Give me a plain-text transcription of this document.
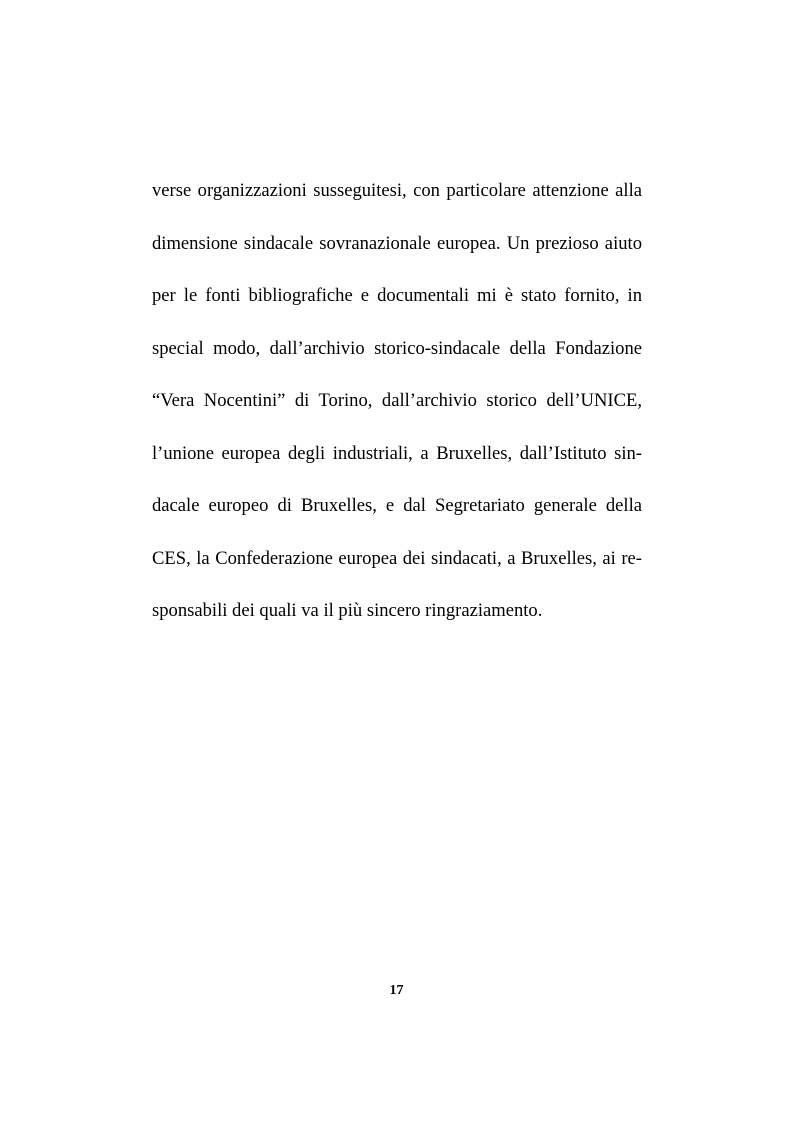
verse organizzazioni susseguitesi, con particolare attenzione alla
dimensione sindacale sovranazionale europea. Un prezioso aiuto
per le fonti bibliografiche e documentali mi è stato fornito, in
special modo, dall’archivio storico-sindacale della Fondazione
“Vera Nocentini” di Torino, dall’archivio storico dell’UNICE,
l’unione europea degli industriali, a Bruxelles, dall’Istituto sin-
dacale europeo di Bruxelles, e dal Segretariato generale della
CES, la Confederazione europea dei sindacati, a Bruxelles, ai re-
sponsabili dei quali va il più sincero ringraziamento.
17
